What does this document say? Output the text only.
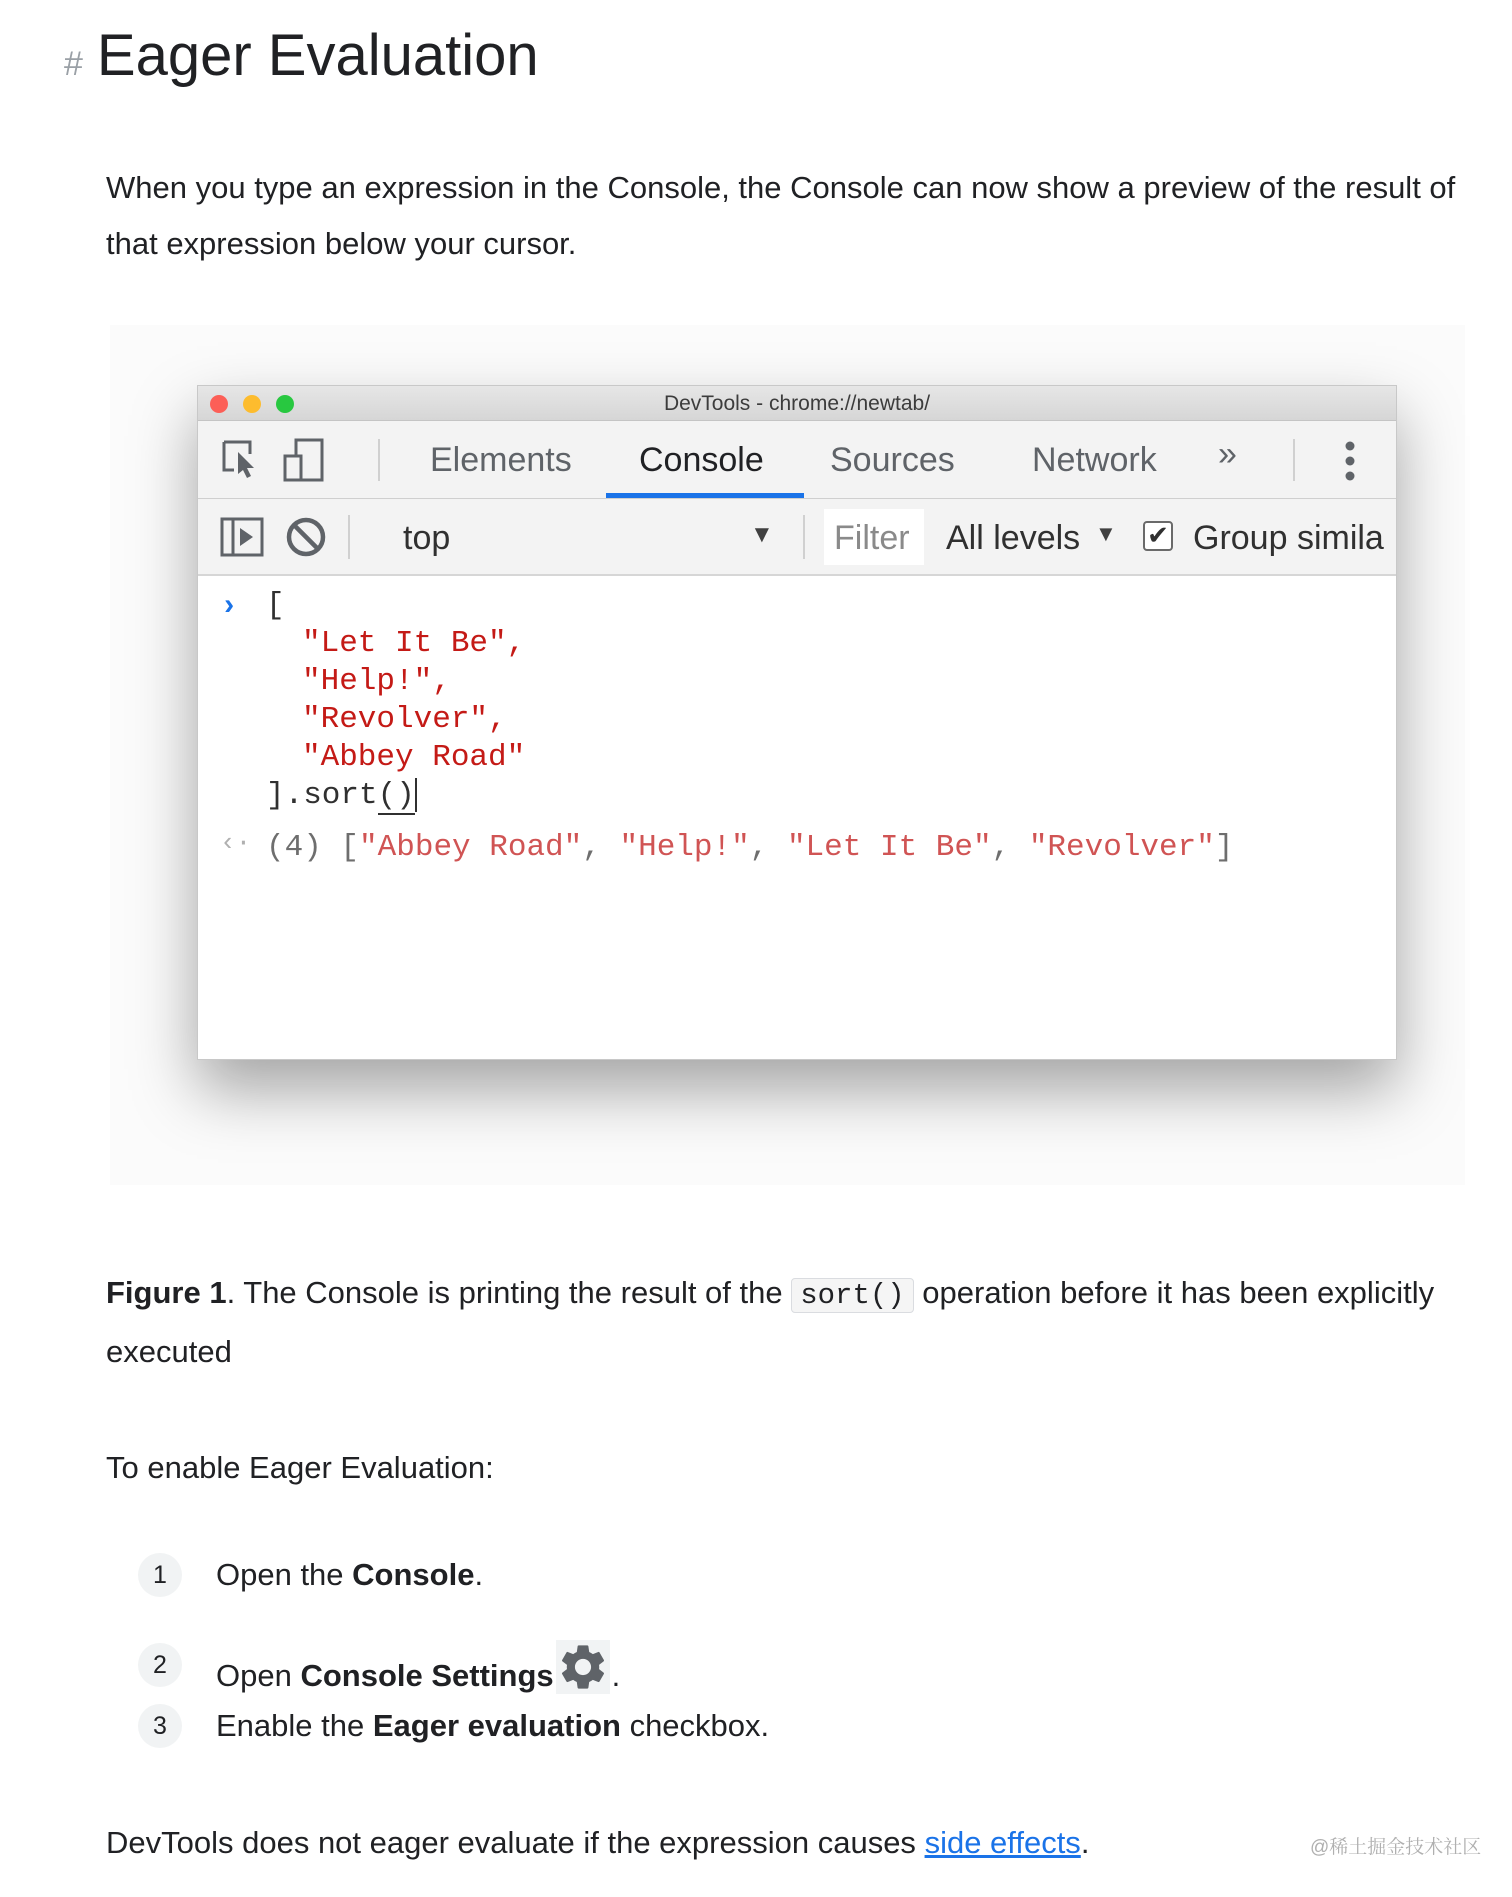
# Eager Evaluation

When you type an expression in the Console, the Console can now show a preview of the result of that expression below your cursor.

DevTools - chrome://newtab/
Elements Console Sources Network »
top	▼ Filter All levels ▼ ✔ Group simila
› [
"Let It Be",
"Help!",
"Revolver",
"Abbey Road"
].sort()
‹· (4) ["Abbey Road", "Help!", "Let It Be", "Revolver"]

Figure 1. The Console is printing the result of the sort() operation before it has been explicitly executed

To enable Eager Evaluation:

1	Open the Console.
2	Open Console Settings .
3	Enable the Eager evaluation checkbox.

DevTools does not eager evaluate if the expression causes side effects.	@稀土掘金技术社区
